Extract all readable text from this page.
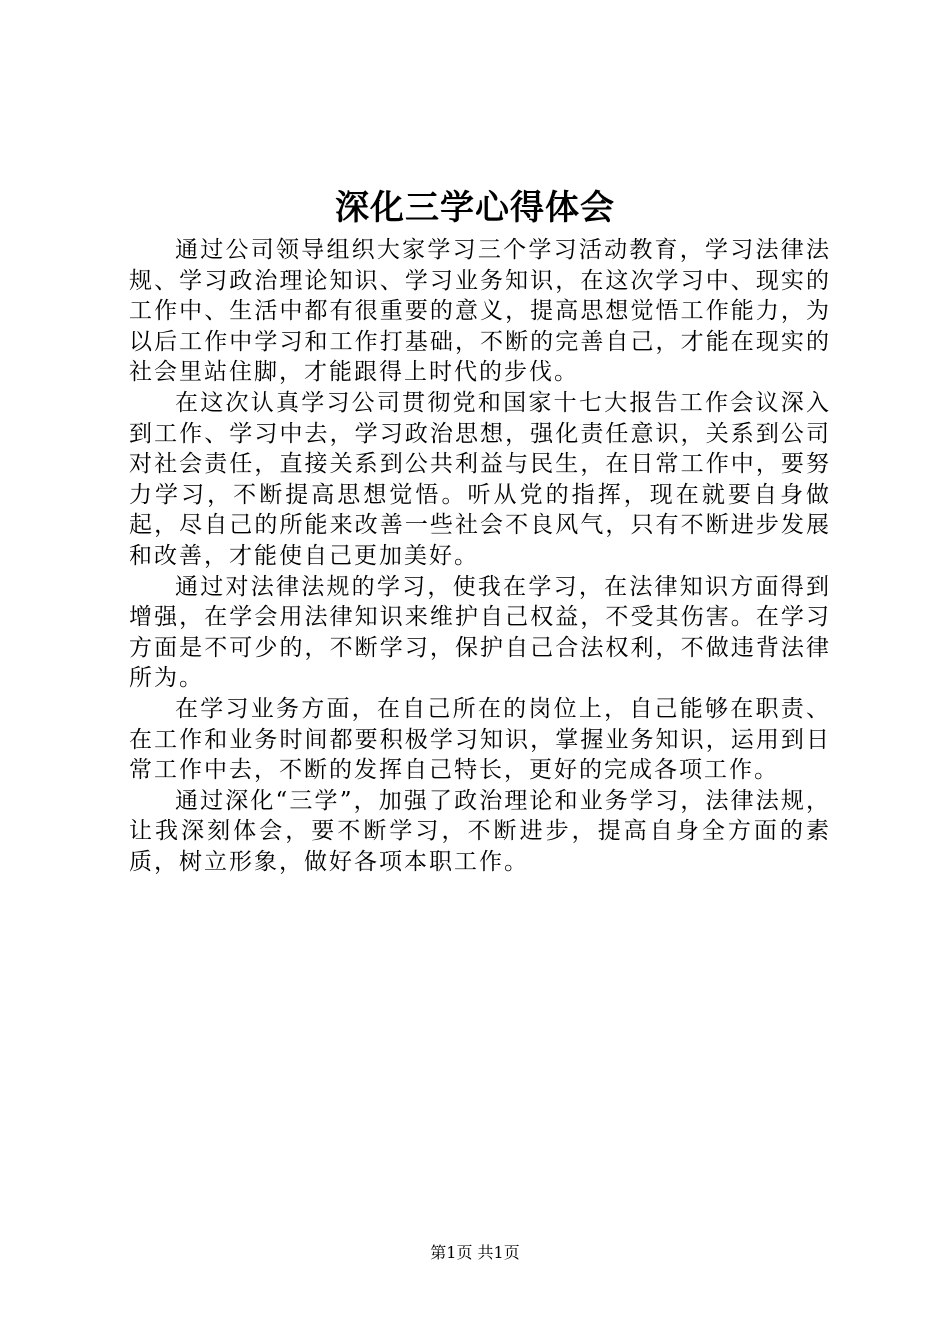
深化三学心得体会

通过公司领导组织大家学习三个学习活动教育，学习法律法规、学习政治理论知识、学习业务知识，在这次学习中、现实的工作中、生活中都有很重要的意义，提高思想觉悟工作能力，为以后工作中学习和工作打基础，不断的完善自己，才能在现实的社会里站住脚，才能跟得上时代的步伐。

在这次认真学习公司贯彻党和国家十七大报告工作会议深入到工作、学习中去，学习政治思想，强化责任意识，关系到公司对社会责任，直接关系到公共利益与民生，在日常工作中，要努力学习，不断提高思想觉悟。听从党的指挥，现在就要自身做起，尽自己的所能来改善一些社会不良风气，只有不断进步发展和改善，才能使自己更加美好。

通过对法律法规的学习，使我在学习，在法律知识方面得到增强，在学会用法律知识来维护自己权益，不受其伤害。在学习方面是不可少的，不断学习，保护自己合法权利，不做违背法律所为。

在学习业务方面，在自己所在的岗位上，自己能够在职责、在工作和业务时间都要积极学习知识，掌握业务知识，运用到日常工作中去，不断的发挥自己特长，更好的完成各项工作。

通过深化“三学”，加强了政治理论和业务学习，法律法规，让我深刻体会，要不断学习，不断进步，提高自身全方面的素质，树立形象，做好各项本职工作。

第1页 共1页
